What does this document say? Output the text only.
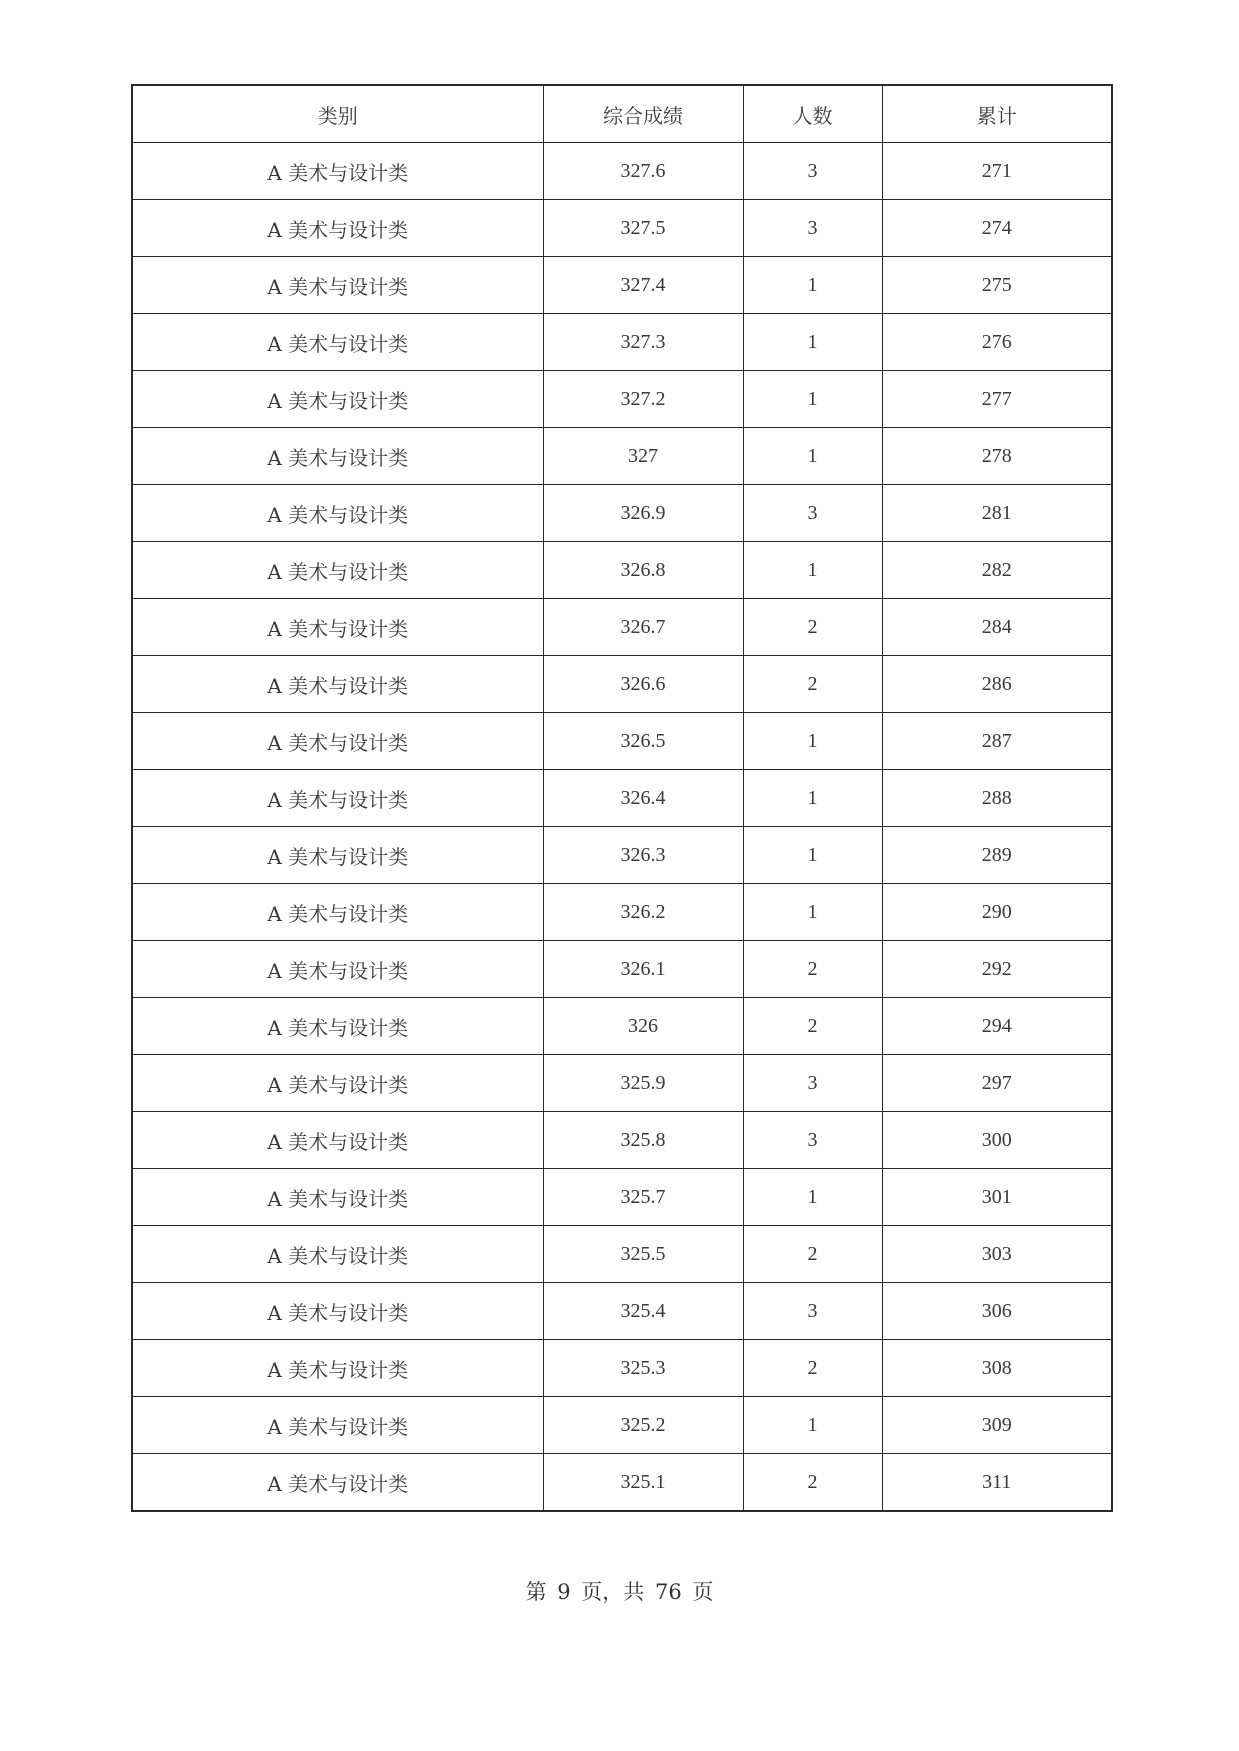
类别	综合成绩	人数	累计
A 美术与设计类	327.6	3	271
A 美术与设计类	327.5	3	274
A 美术与设计类	327.4	1	275
A 美术与设计类	327.3	1	276
A 美术与设计类	327.2	1	277
A 美术与设计类	327	1	278
A 美术与设计类	326.9	3	281
A 美术与设计类	326.8	1	282
A 美术与设计类	326.7	2	284
A 美术与设计类	326.6	2	286
A 美术与设计类	326.5	1	287
A 美术与设计类	326.4	1	288
A 美术与设计类	326.3	1	289
A 美术与设计类	326.2	1	290
A 美术与设计类	326.1	2	292
A 美术与设计类	326	2	294
A 美术与设计类	325.9	3	297
A 美术与设计类	325.8	3	300
A 美术与设计类	325.7	1	301
A 美术与设计类	325.5	2	303
A 美术与设计类	325.4	3	306
A 美术与设计类	325.3	2	308
A 美术与设计类	325.2	1	309
A 美术与设计类	325.1	2	311
第 9 页，共 76 页
